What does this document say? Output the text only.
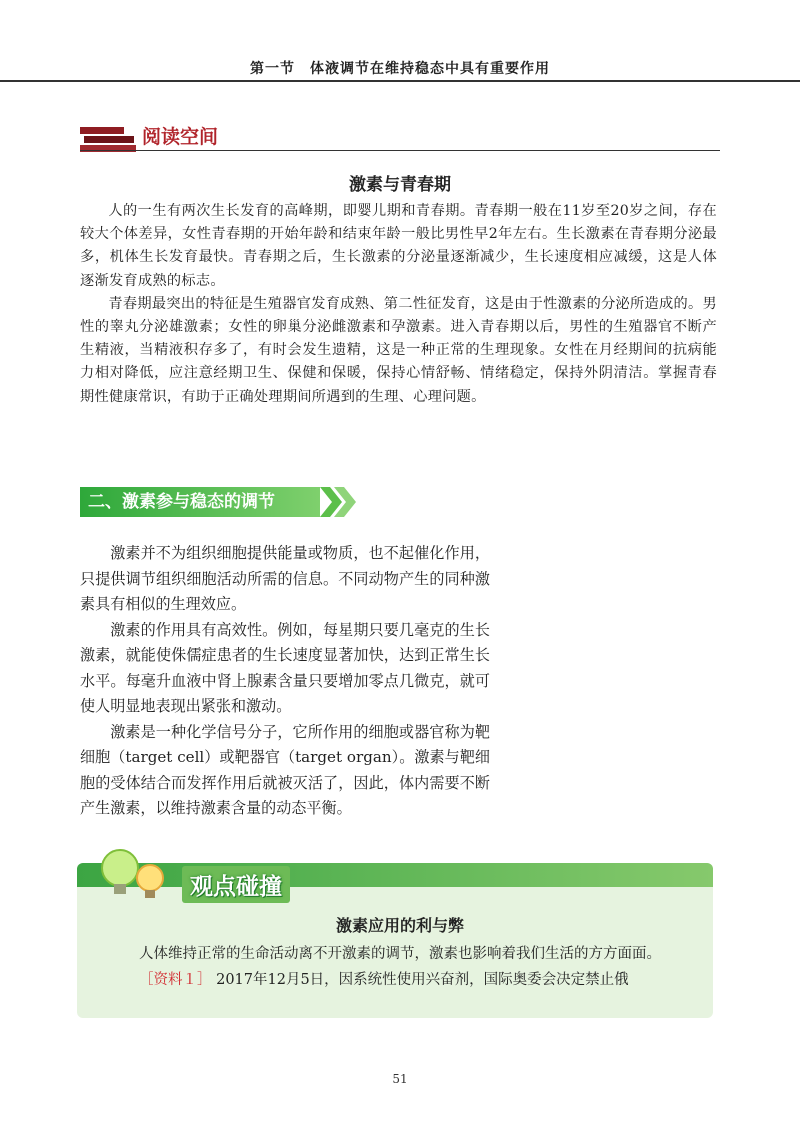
第一节　体液调节在维持稳态中具有重要作用
阅读空间
激素与青春期

人的一生有两次生长发育的高峰期，即婴儿期和青春期。青春期一般在11岁至20岁之间，存在较大个体差异，女性青春期的开始年龄和结束年龄一般比男性早2年左右。生长激素在青春期分泌最多，机体生长发育最快。青春期之后，生长激素的分泌量逐渐减少，生长速度相应减缓，这是人体逐渐发育成熟的标志。

青春期最突出的特征是生殖器官发育成熟、第二性征发育，这是由于性激素的分泌所造成的。男性的睾丸分泌雄激素；女性的卵巢分泌雌激素和孕激素。进入青春期以后，男性的生殖器官不断产生精液，当精液积存多了，有时会发生遗精，这是一种正常的生理现象。女性在月经期间的抗病能力相对降低，应注意经期卫生、保健和保暖，保持心情舒畅、情绪稳定，保持外阴清洁。掌握青春期性健康常识，有助于正确处理期间所遇到的生理、心理问题。

二、激素参与稳态的调节

激素并不为组织细胞提供能量或物质，也不起催化作用，只提供调节组织细胞活动所需的信息。不同动物产生的同种激素具有相似的生理效应。

激素的作用具有高效性。例如，每星期只要几毫克的生长激素，就能使侏儒症患者的生长速度显著加快，达到正常生长水平。每毫升血液中肾上腺素含量只要增加零点几微克，就可使人明显地表现出紧张和激动。

激素是一种化学信号分子，它所作用的细胞或器官称为靶细胞（target cell）或靶器官（target organ）。激素与靶细胞的受体结合而发挥作用后就被灭活了，因此，体内需要不断产生激素，以维持激素含量的动态平衡。

观点碰撞
激素应用的利与弊
人体维持正常的生命活动离不开激素的调节，激素也影响着我们生活的方方面面。
［资料１］ 2017年12月5日，因系统性使用兴奋剂，国际奥委会决定禁止俄
51
